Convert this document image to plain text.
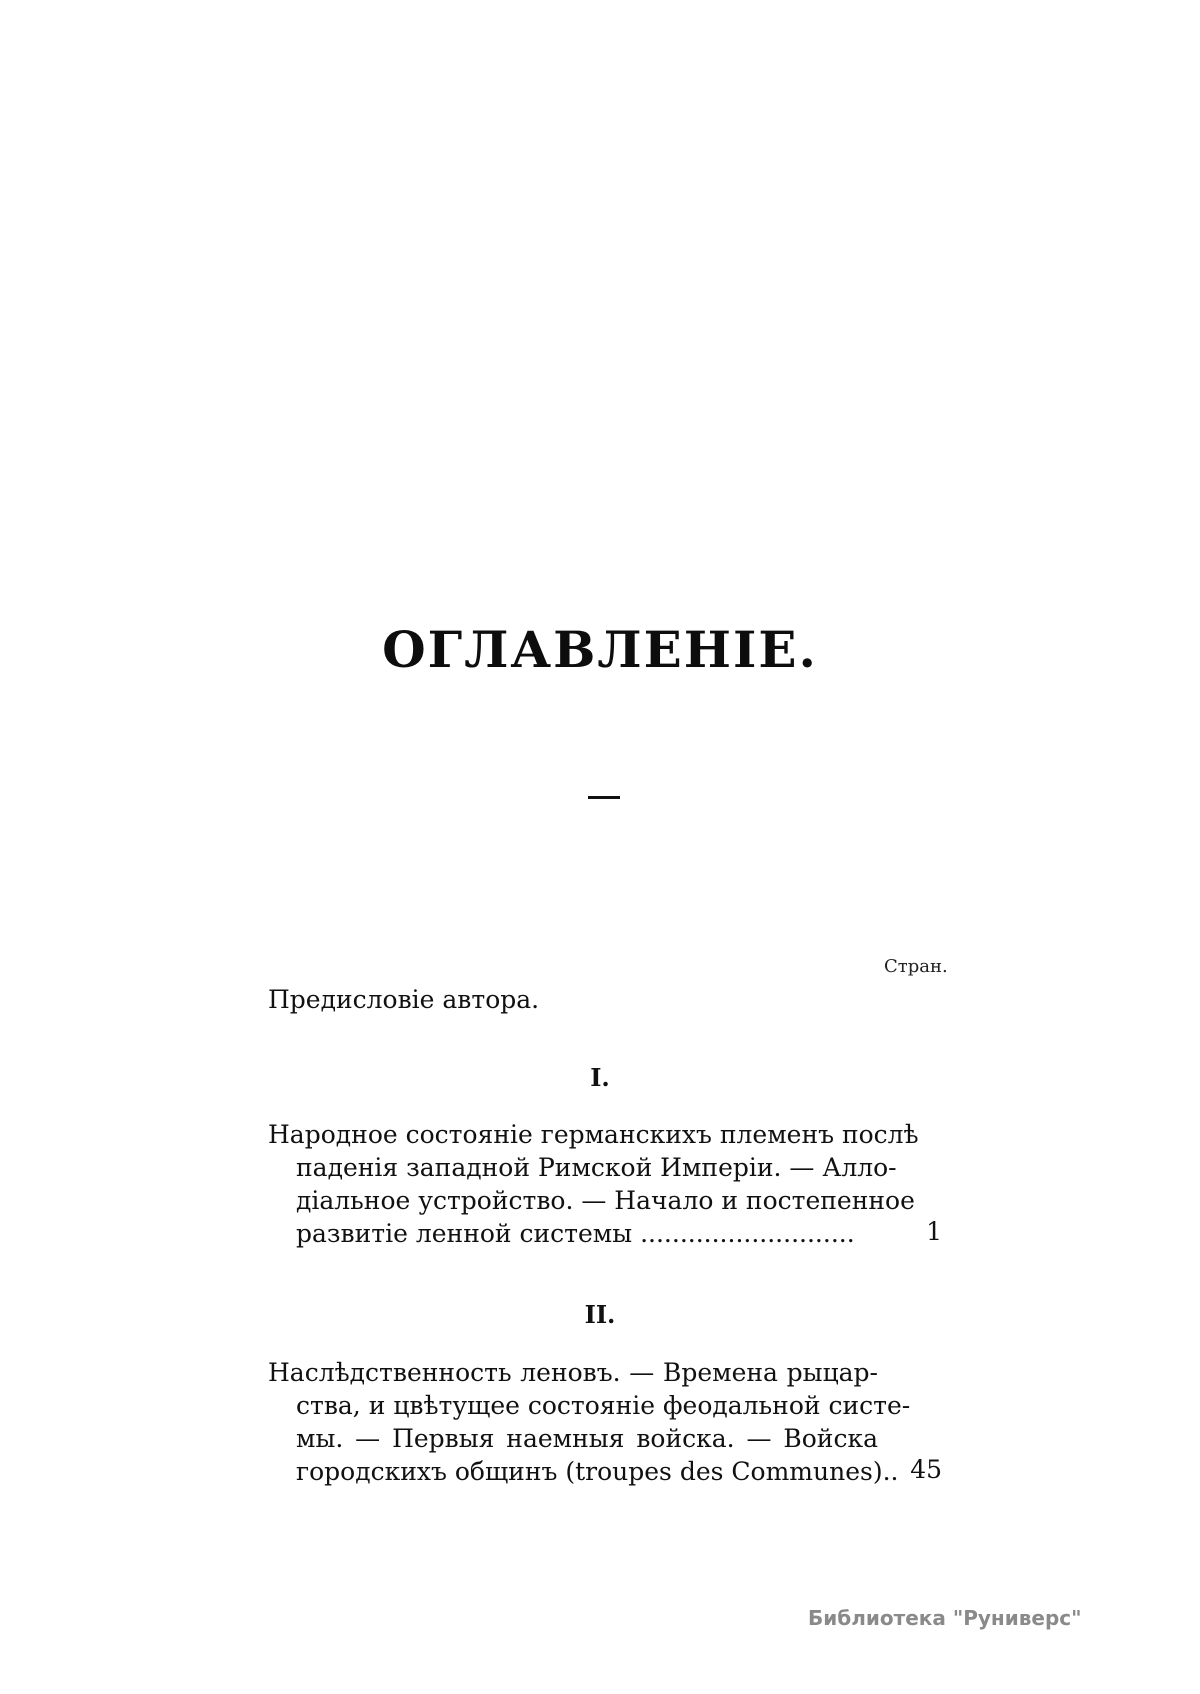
ОГЛАВЛЕНІЕ.
Стран.
Предисловіе автора.
I.
Народное состояніе германскихъ племенъ послѣ
паденія западной Римской Имперіи. — Алло-
діальное устройство. — Начало и постепенное
развитіе ленной системы ...........................	1
II.
Наслѣдственность леновъ. — Времена рыцар-
ства, и цвѣтущее состояніе феодальной систе-
мы. — Первыя наемныя войска. — Войска
городскихъ общинъ (troupes des Communes).. 45
Библиотека "Руниверс"
